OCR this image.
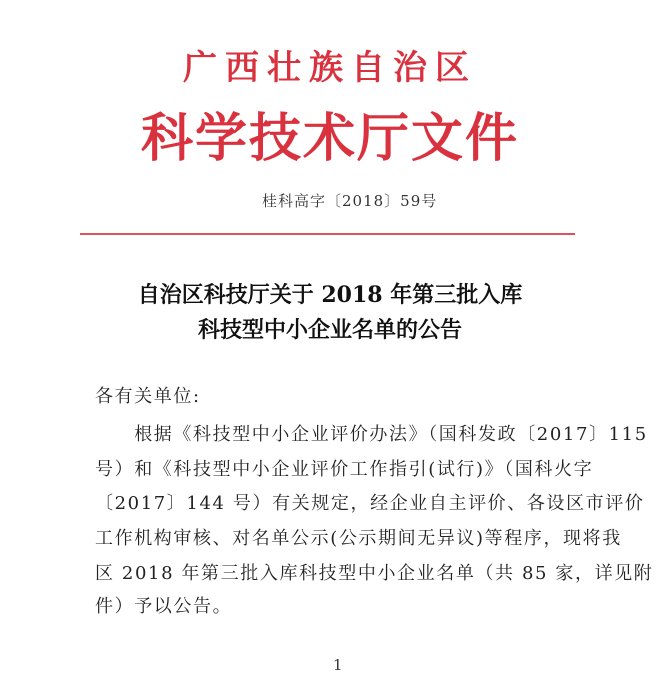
广西壮族自治区
科学技术厅文件
桂科高字〔2018〕59号
自治区科技厅关于 2018 年第三批入库
科技型中小企业名单的公告
各有关单位:
　　根据《科技型中小企业评价办法》（国科发政〔2017〕115
号）和《科技型中小企业评价工作指引(试行)》（国科火字
〔2017〕144 号）有关规定，经企业自主评价、各设区市评价
工作机构审核、对名单公示(公示期间无异议)等程序，现将我
区 2018 年第三批入库科技型中小企业名单（共 85 家，详见附
件）予以公告。
1
